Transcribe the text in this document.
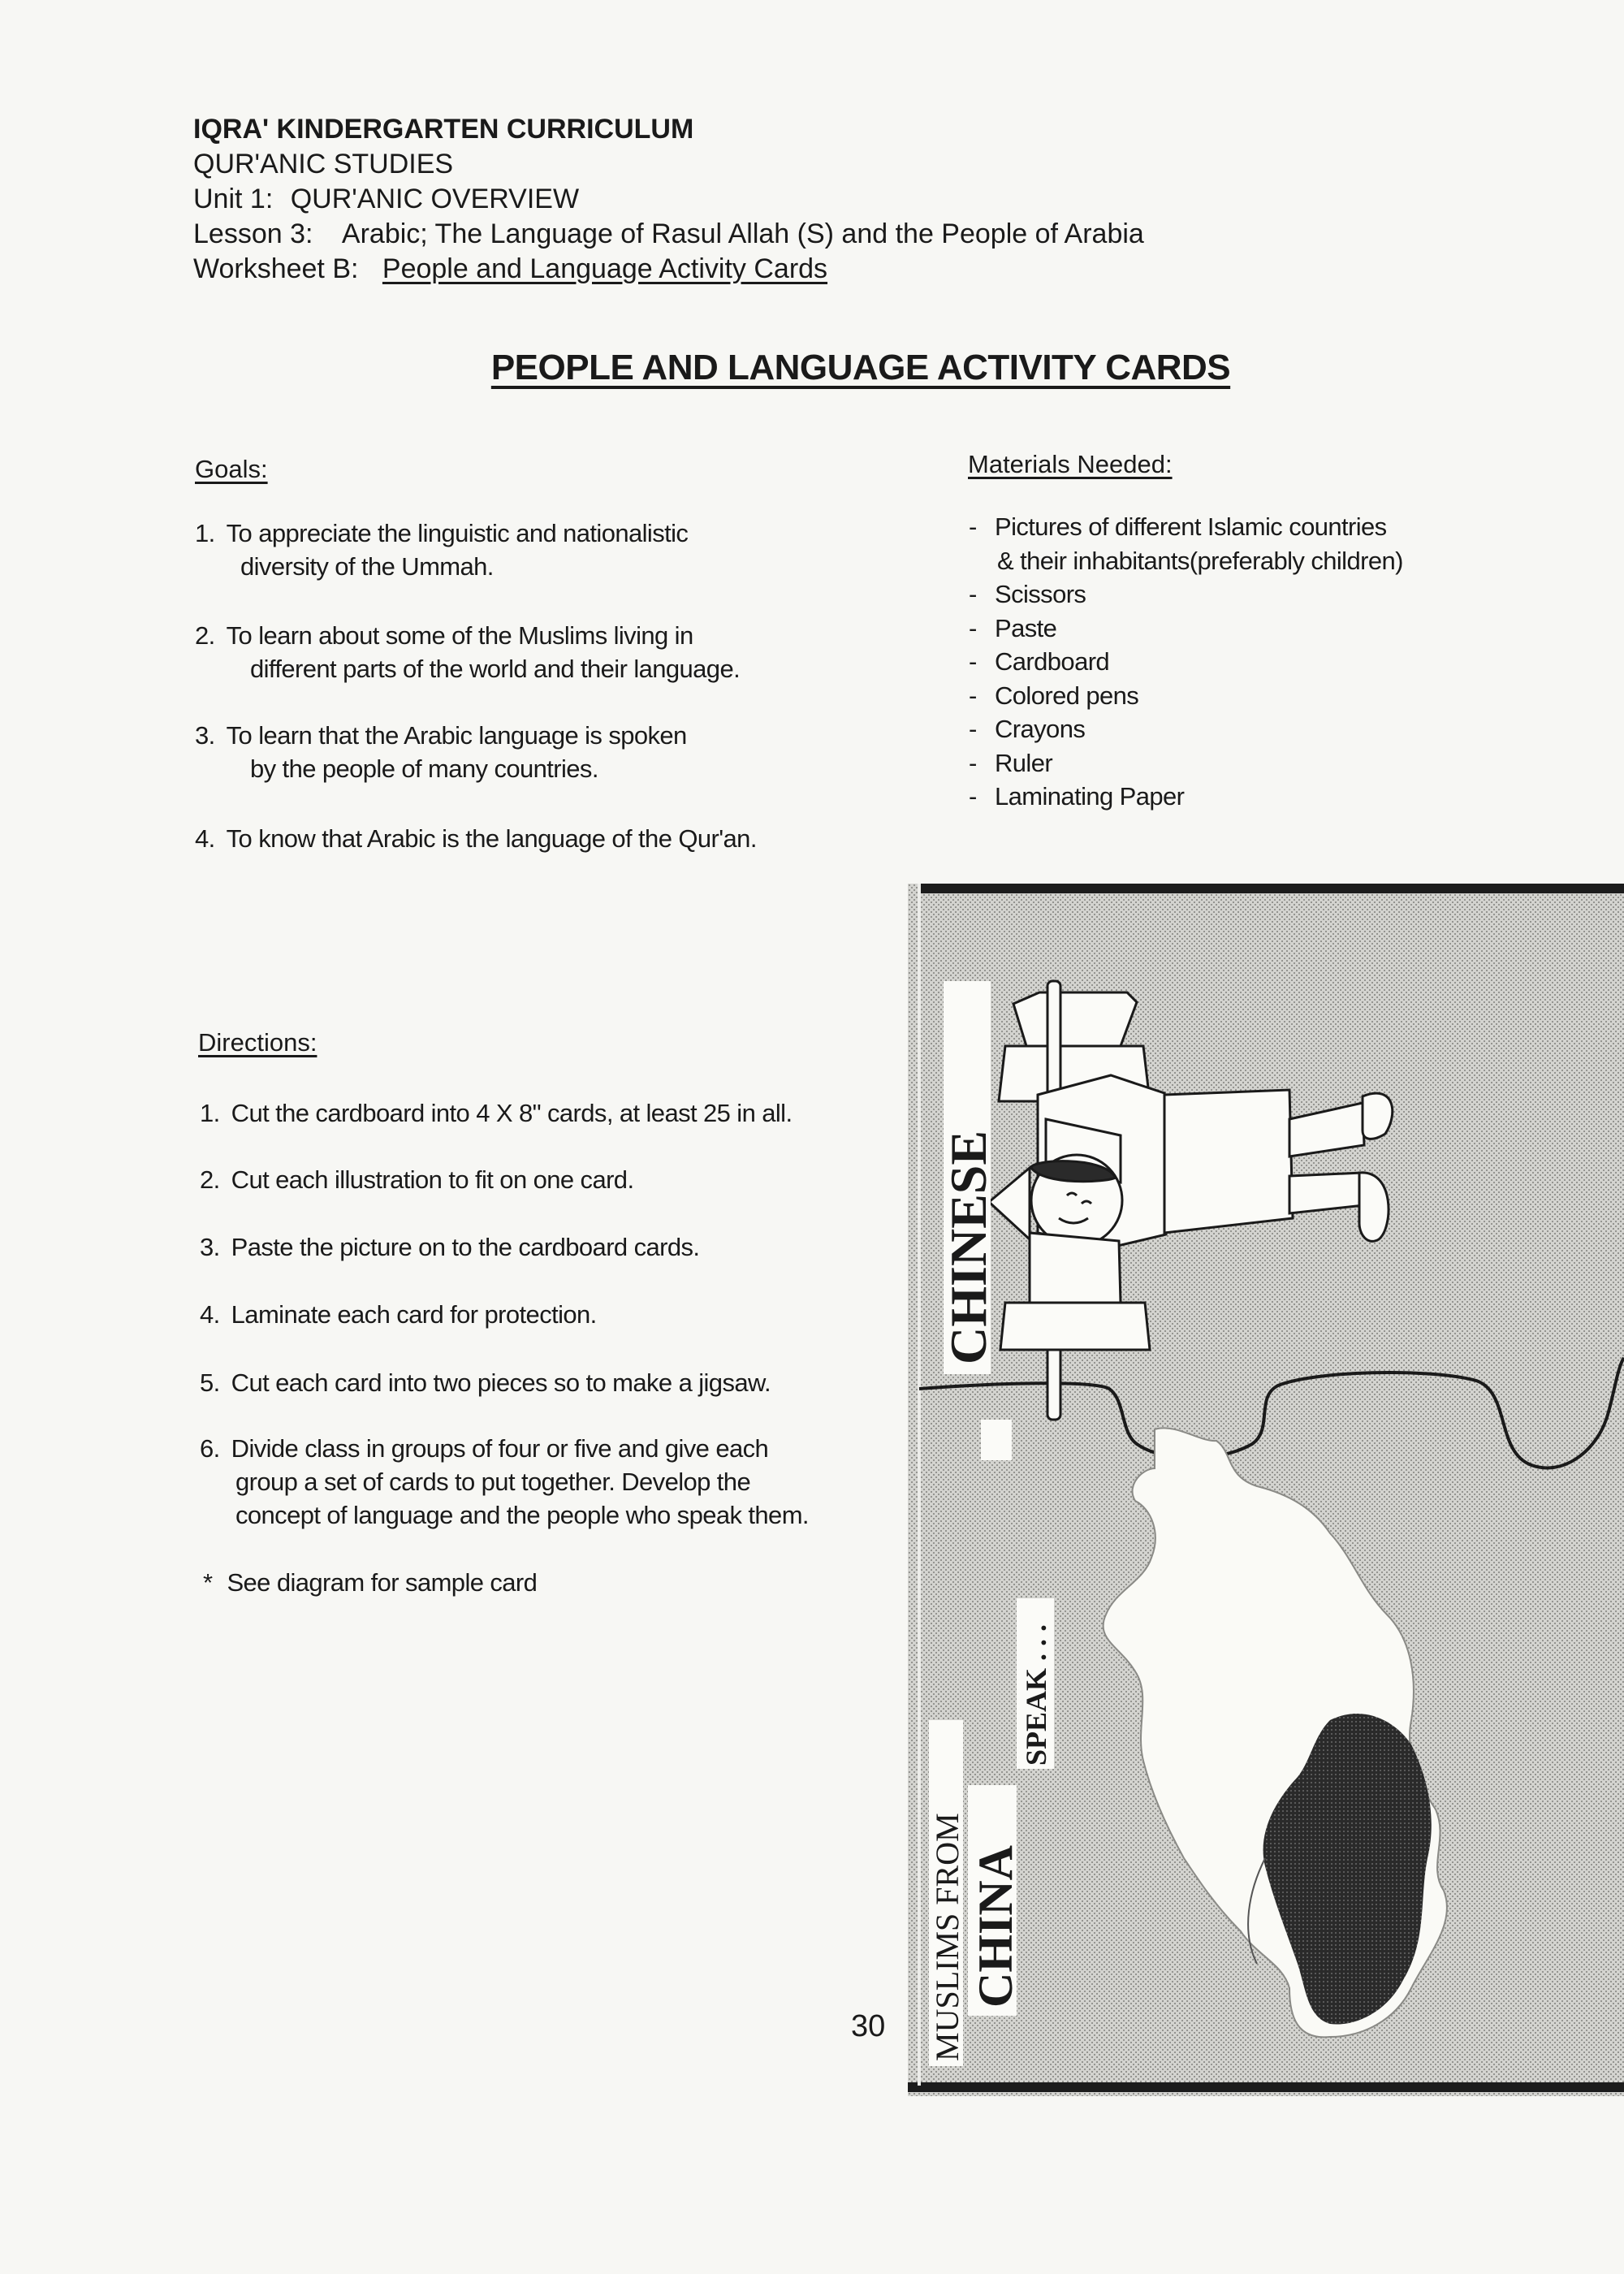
IQRA' KINDERGARTEN CURRICULUM
QUR'ANIC STUDIES
Unit 1: QUR'ANIC OVERVIEW
Lesson 3: Arabic; The Language of Rasul Allah (S) and the People of Arabia
Worksheet B: People and Language Activity Cards
PEOPLE AND LANGUAGE ACTIVITY CARDS
Goals:
1. To appreciate the linguistic and nationalistic
diversity of the Ummah.
2. To learn about some of the Muslims living in
different parts of the world and their language.
3. To learn that the Arabic language is spoken
by the people of many countries.
4. To know that Arabic is the language of the Qur'an.
Materials Needed:
- Pictures of different Islamic countries
& their inhabitants(preferably children)
- Scissors
- Paste
- Cardboard
- Colored pens
- Crayons
- Ruler
- Laminating Paper
Directions:
1. Cut the cardboard into 4 X 8" cards, at least 25 in all.
2. Cut each illustration to fit on one card.
3. Paste the picture on to the cardboard cards.
4. Laminate each card for protection.
5. Cut each card into two pieces so to make a jigsaw.
6. Divide class in groups of four or five and give each
group a set of cards to put together. Develop the
concept of language and the people who speak them.
* See diagram for sample card
30
CHINESE
MUSLIMS FROM CHINA
SPEAK . . .
